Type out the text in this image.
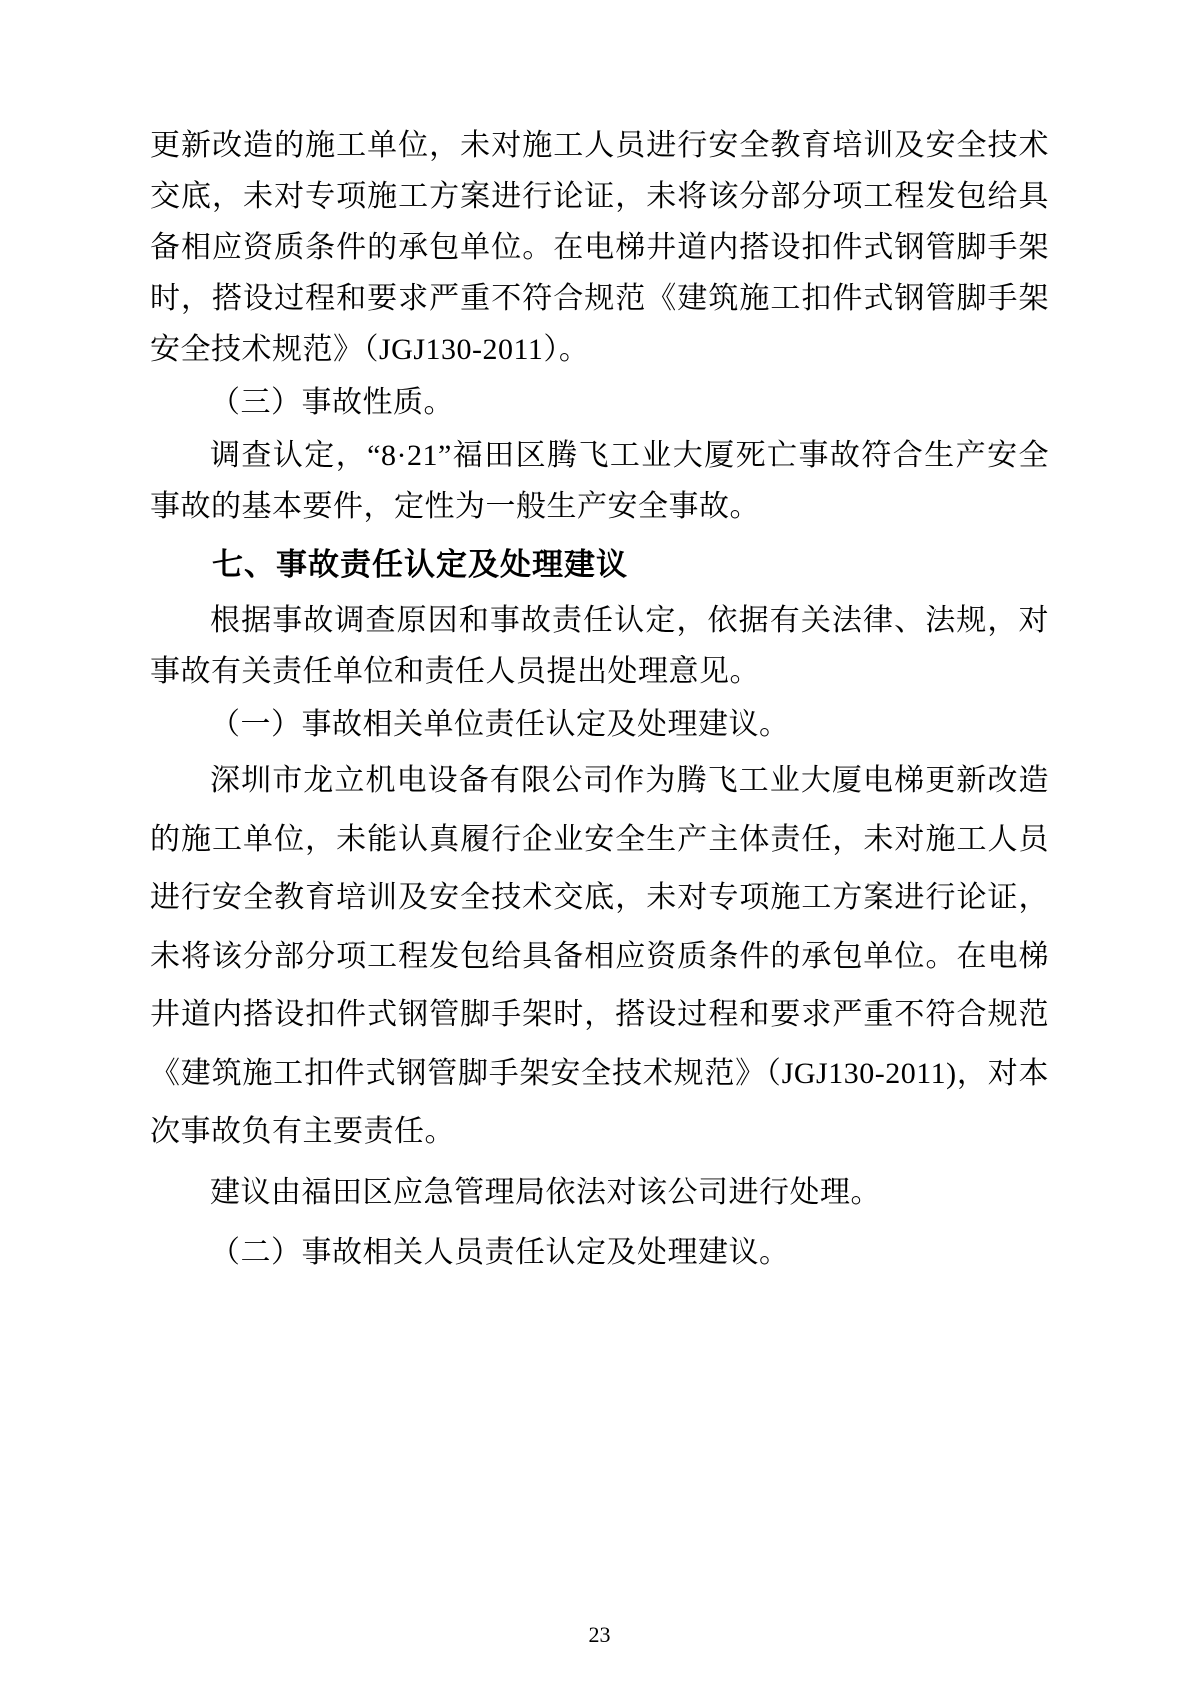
更新改造的施工单位，未对施工人员进行安全教育培训及安全技术交底，未对专项施工方案进行论证，未将该分部分项工程发包给具备相应资质条件的承包单位。在电梯井道内搭设扣件式钢管脚手架时，搭设过程和要求严重不符合规范《建筑施工扣件式钢管脚手架安全技术规范》（JGJ130-2011）。

（三）事故性质。

调查认定，“8·21”福田区腾飞工业大厦死亡事故符合生产安全事故的基本要件，定性为一般生产安全事故。

七、事故责任认定及处理建议

根据事故调查原因和事故责任认定，依据有关法律、法规，对事故有关责任单位和责任人员提出处理意见。

（一）事故相关单位责任认定及处理建议。

深圳市龙立机电设备有限公司作为腾飞工业大厦电梯更新改造的施工单位，未能认真履行企业安全生产主体责任，未对施工人员进行安全教育培训及安全技术交底，未对专项施工方案进行论证，未将该分部分项工程发包给具备相应资质条件的承包单位。在电梯井道内搭设扣件式钢管脚手架时，搭设过程和要求严重不符合规范《建筑施工扣件式钢管脚手架安全技术规范》（JGJ130-2011)，对本次事故负有主要责任。

建议由福田区应急管理局依法对该公司进行处理。

（二）事故相关人员责任认定及处理建议。

23
